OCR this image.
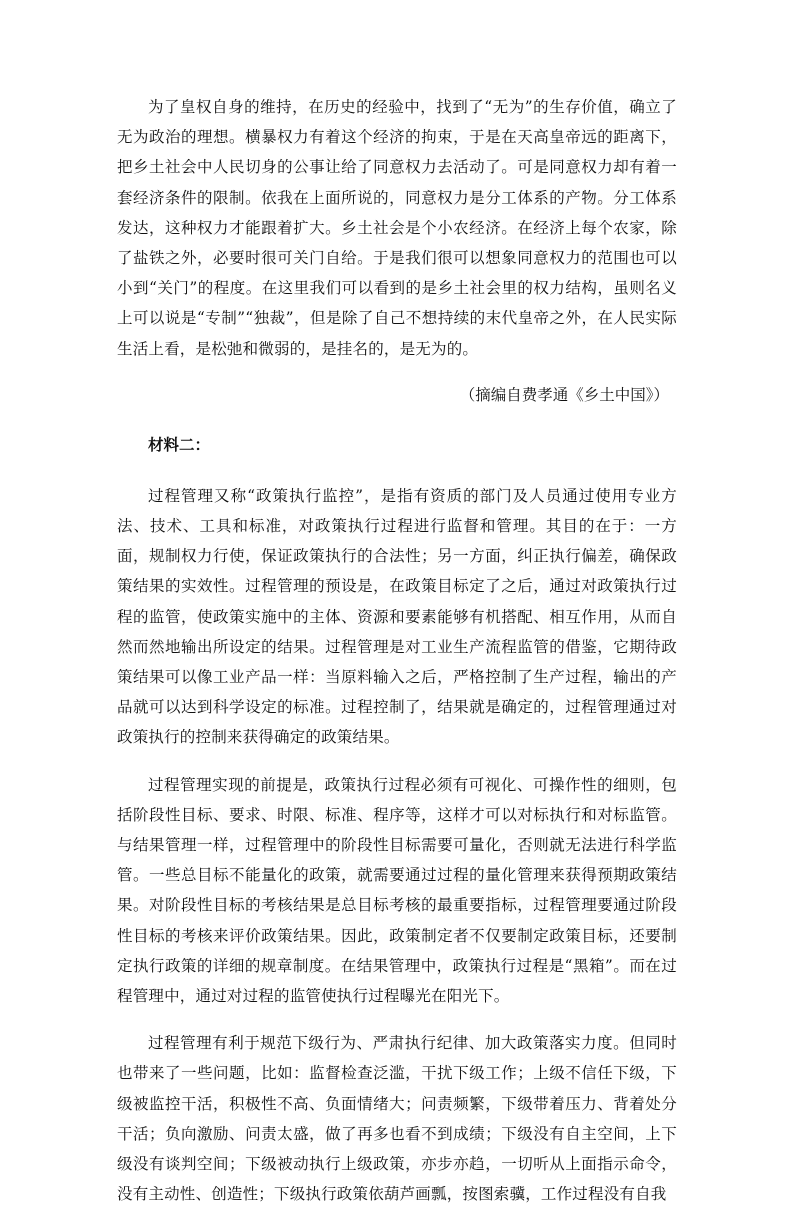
为了皇权自身的维持，在历史的经验中，找到了“无为”的生存价值，确立了无为政治的理想。横暴权力有着这个经济的拘束，于是在天高皇帝远的距离下，把乡土社会中人民切身的公事让给了同意权力去活动了。可是同意权力却有着一套经济条件的限制。依我在上面所说的，同意权力是分工体系的产物。分工体系发达，这种权力才能跟着扩大。乡土社会是个小农经济。在经济上每个农家，除了盐铁之外，必要时很可关门自给。于是我们很可以想象同意权力的范围也可以小到“关门”的程度。在这里我们可以看到的是乡土社会里的权力结构，虽则名义上可以说是“专制”“独裁”，但是除了自己不想持续的末代皇帝之外，在人民实际生活上看，是松弛和微弱的，是挂名的，是无为的。

（摘编自费孝通《乡土中国》）

材料二：

过程管理又称“政策执行监控”，是指有资质的部门及人员通过使用专业方法、技术、工具和标准，对政策执行过程进行监督和管理。其目的在于：一方面，规制权力行使，保证政策执行的合法性；另一方面，纠正执行偏差，确保政策结果的实效性。过程管理的预设是，在政策目标定了之后，通过对政策执行过程的监管，使政策实施中的主体、资源和要素能够有机搭配、相互作用，从而自然而然地输出所设定的结果。过程管理是对工业生产流程监管的借鉴，它期待政策结果可以像工业产品一样：当原料输入之后，严格控制了生产过程，输出的产品就可以达到科学设定的标准。过程控制了，结果就是确定的，过程管理通过对政策执行的控制来获得确定的政策结果。

过程管理实现的前提是，政策执行过程必须有可视化、可操作性的细则，包括阶段性目标、要求、时限、标准、程序等，这样才可以对标执行和对标监管。与结果管理一样，过程管理中的阶段性目标需要可量化，否则就无法进行科学监管。一些总目标不能量化的政策，就需要通过过程的量化管理来获得预期政策结果。对阶段性目标的考核结果是总目标考核的最重要指标，过程管理要通过阶段性目标的考核来评价政策结果。因此，政策制定者不仅要制定政策目标，还要制定执行政策的详细的规章制度。在结果管理中，政策执行过程是“黑箱”。而在过程管理中，通过对过程的监管使执行过程曝光在阳光下。

过程管理有利于规范下级行为、严肃执行纪律、加大政策落实力度。但同时也带来了一些问题，比如：监督检查泛滥，干扰下级工作；上级不信任下级，下级被监控干活，积极性不高、负面情绪大；问责频繁，下级带着压力、背着处分干活；负向激励、问责太盛，做了再多也看不到成绩；下级没有自主空间，上下级没有谈判空间；下级被动执行上级政策，亦步亦趋，一切听从上面指示命令，没有主动性、创造性；下级执行政策依葫芦画瓢，按图索骥，工作过程没有自我
